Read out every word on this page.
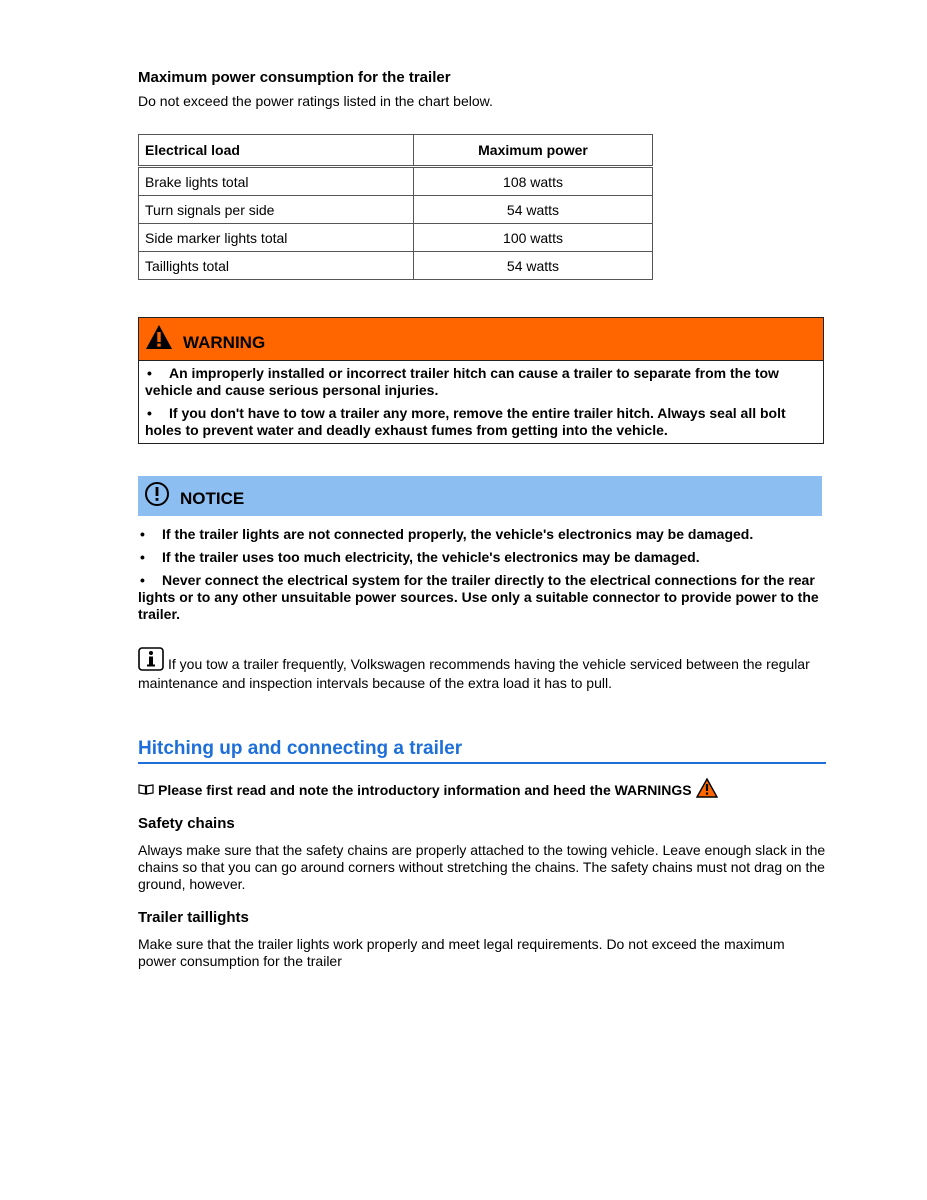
Maximum power consumption for the trailer

Do not exceed the power ratings listed in the chart below.

Electrical load	Maximum power
Brake lights total	108 watts
Turn signals per side	54 watts
Side marker lights total	100 watts
Taillights total	54 watts
WARNING
• An improperly installed or incorrect trailer hitch can cause a trailer to separate from the tow vehicle and cause serious personal injuries.
• If you don't have to tow a trailer any more, remove the entire trailer hitch. Always seal all bolt holes to prevent water and deadly exhaust fumes from getting into the vehicle.
NOTICE
• If the trailer lights are not connected properly, the vehicle's electronics may be damaged.
• If the trailer uses too much electricity, the vehicle's electronics may be damaged.
• Never connect the electrical system for the trailer directly to the electrical connections for the rear lights or to any other unsuitable power sources. Use only a suitable connector to provide power to the trailer.
If you tow a trailer frequently, Volkswagen recommends having the vehicle serviced between the regular maintenance and inspection intervals because of the extra load it has to pull.
Hitching up and connecting a trailer
Please first read and note the introductory information and heed the WARNINGS
Safety chains

Always make sure that the safety chains are properly attached to the towing vehicle. Leave enough slack in the chains so that you can go around corners without stretching the chains. The safety chains must not drag on the ground, however.

Trailer taillights

Make sure that the trailer lights work properly and meet legal requirements. Do not exceed the maximum power consumption for the trailer
